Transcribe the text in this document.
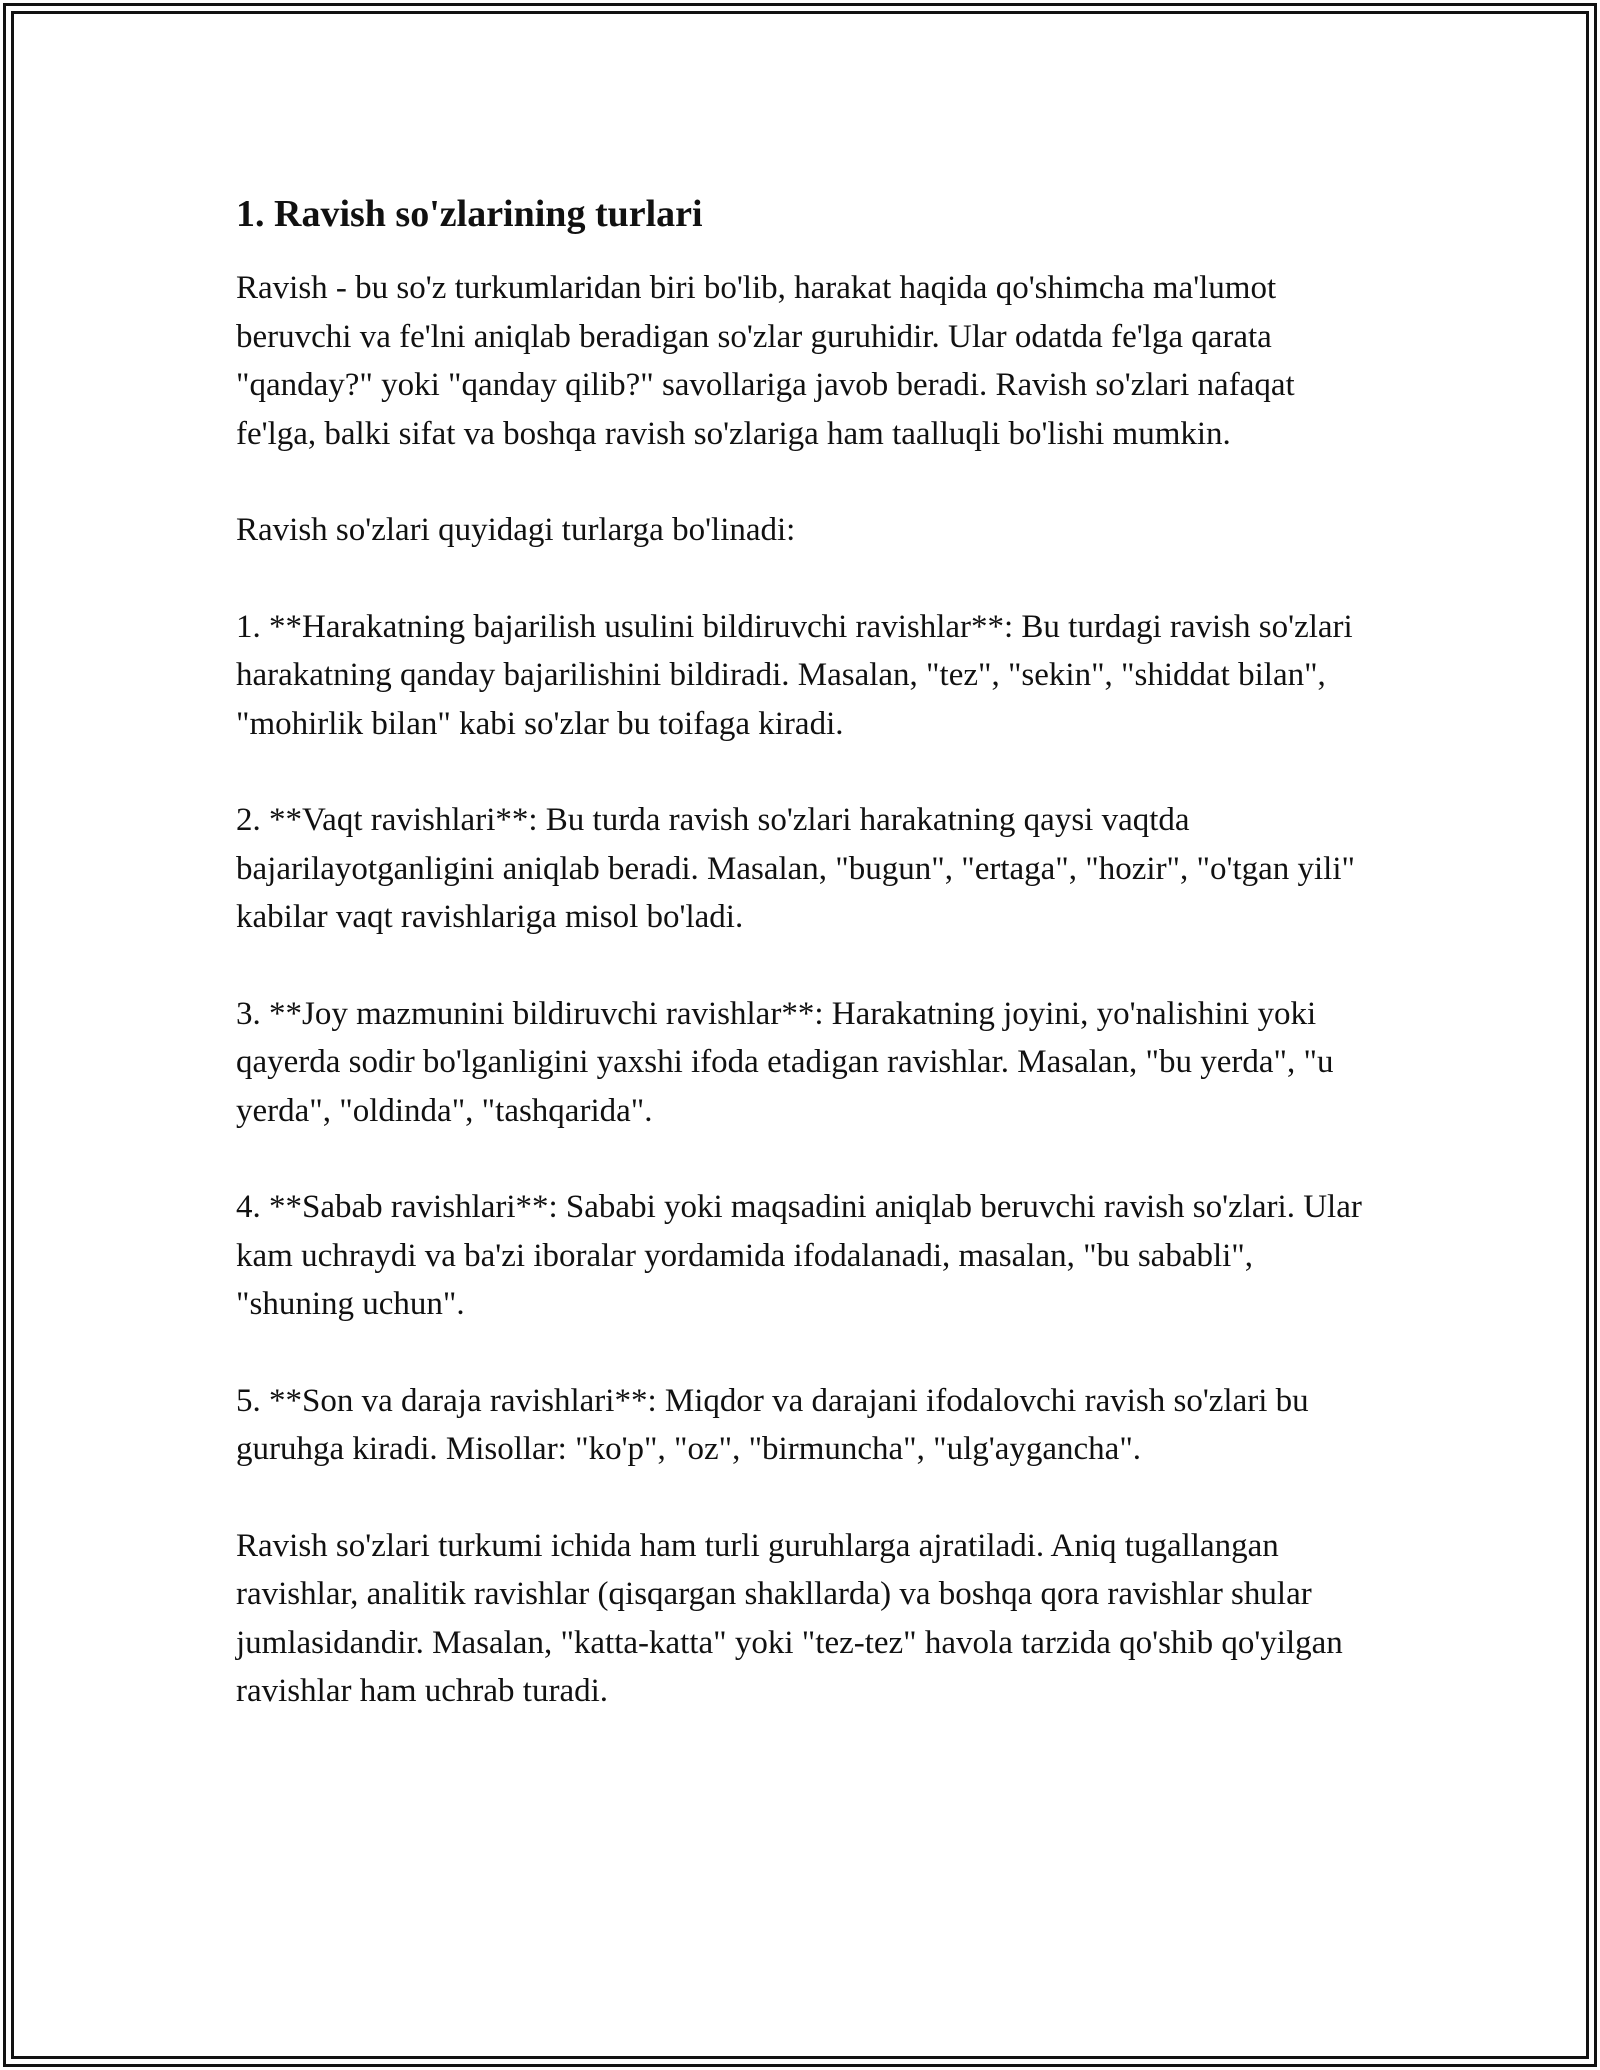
1. Ravish so'zlarining turlari

Ravish - bu so'z turkumlaridan biri bo'lib, harakat haqida qo'shimcha ma'lumot beruvchi va fe'lni aniqlab beradigan so'zlar guruhidir. Ular odatda fe'lga qarata "qanday?" yoki "qanday qilib?" savollariga javob beradi. Ravish so'zlari nafaqat fe'lga, balki sifat va boshqa ravish so'zlariga ham taalluqli bo'lishi mumkin.

Ravish so'zlari quyidagi turlarga bo'linadi:

1. **Harakatning bajarilish usulini bildiruvchi ravishlar**: Bu turdagi ravish so'zlari harakatning qanday bajarilishini bildiradi. Masalan, "tez", "sekin", "shiddat bilan", "mohirlik bilan" kabi so'zlar bu toifaga kiradi.

2. **Vaqt ravishlari**: Bu turda ravish so'zlari harakatning qaysi vaqtda bajarilayotganligini aniqlab beradi. Masalan, "bugun", "ertaga", "hozir", "o'tgan yili" kabilar vaqt ravishlariga misol bo'ladi.

3. **Joy mazmunini bildiruvchi ravishlar**: Harakatning joyini, yo'nalishini yoki qayerda sodir bo'lganligini yaxshi ifoda etadigan ravishlar. Masalan, "bu yerda", "u yerda", "oldinda", "tashqarida".

4. **Sabab ravishlari**: Sababi yoki maqsadini aniqlab beruvchi ravish so'zlari. Ular kam uchraydi va ba'zi iboralar yordamida ifodalanadi, masalan, "bu sababli", "shuning uchun".

5. **Son va daraja ravishlari**: Miqdor va darajani ifodalovchi ravish so'zlari bu guruhga kiradi. Misollar: "ko'p", "oz", "birmuncha", "ulg'aygancha".

Ravish so'zlari turkumi ichida ham turli guruhlarga ajratiladi. Aniq tugallangan ravishlar, analitik ravishlar (qisqargan shakllarda) va boshqa qora ravishlar shular jumlasidandir. Masalan, "katta-katta" yoki "tez-tez" havola tarzida qo'shib qo'yilgan ravishlar ham uchrab turadi.
